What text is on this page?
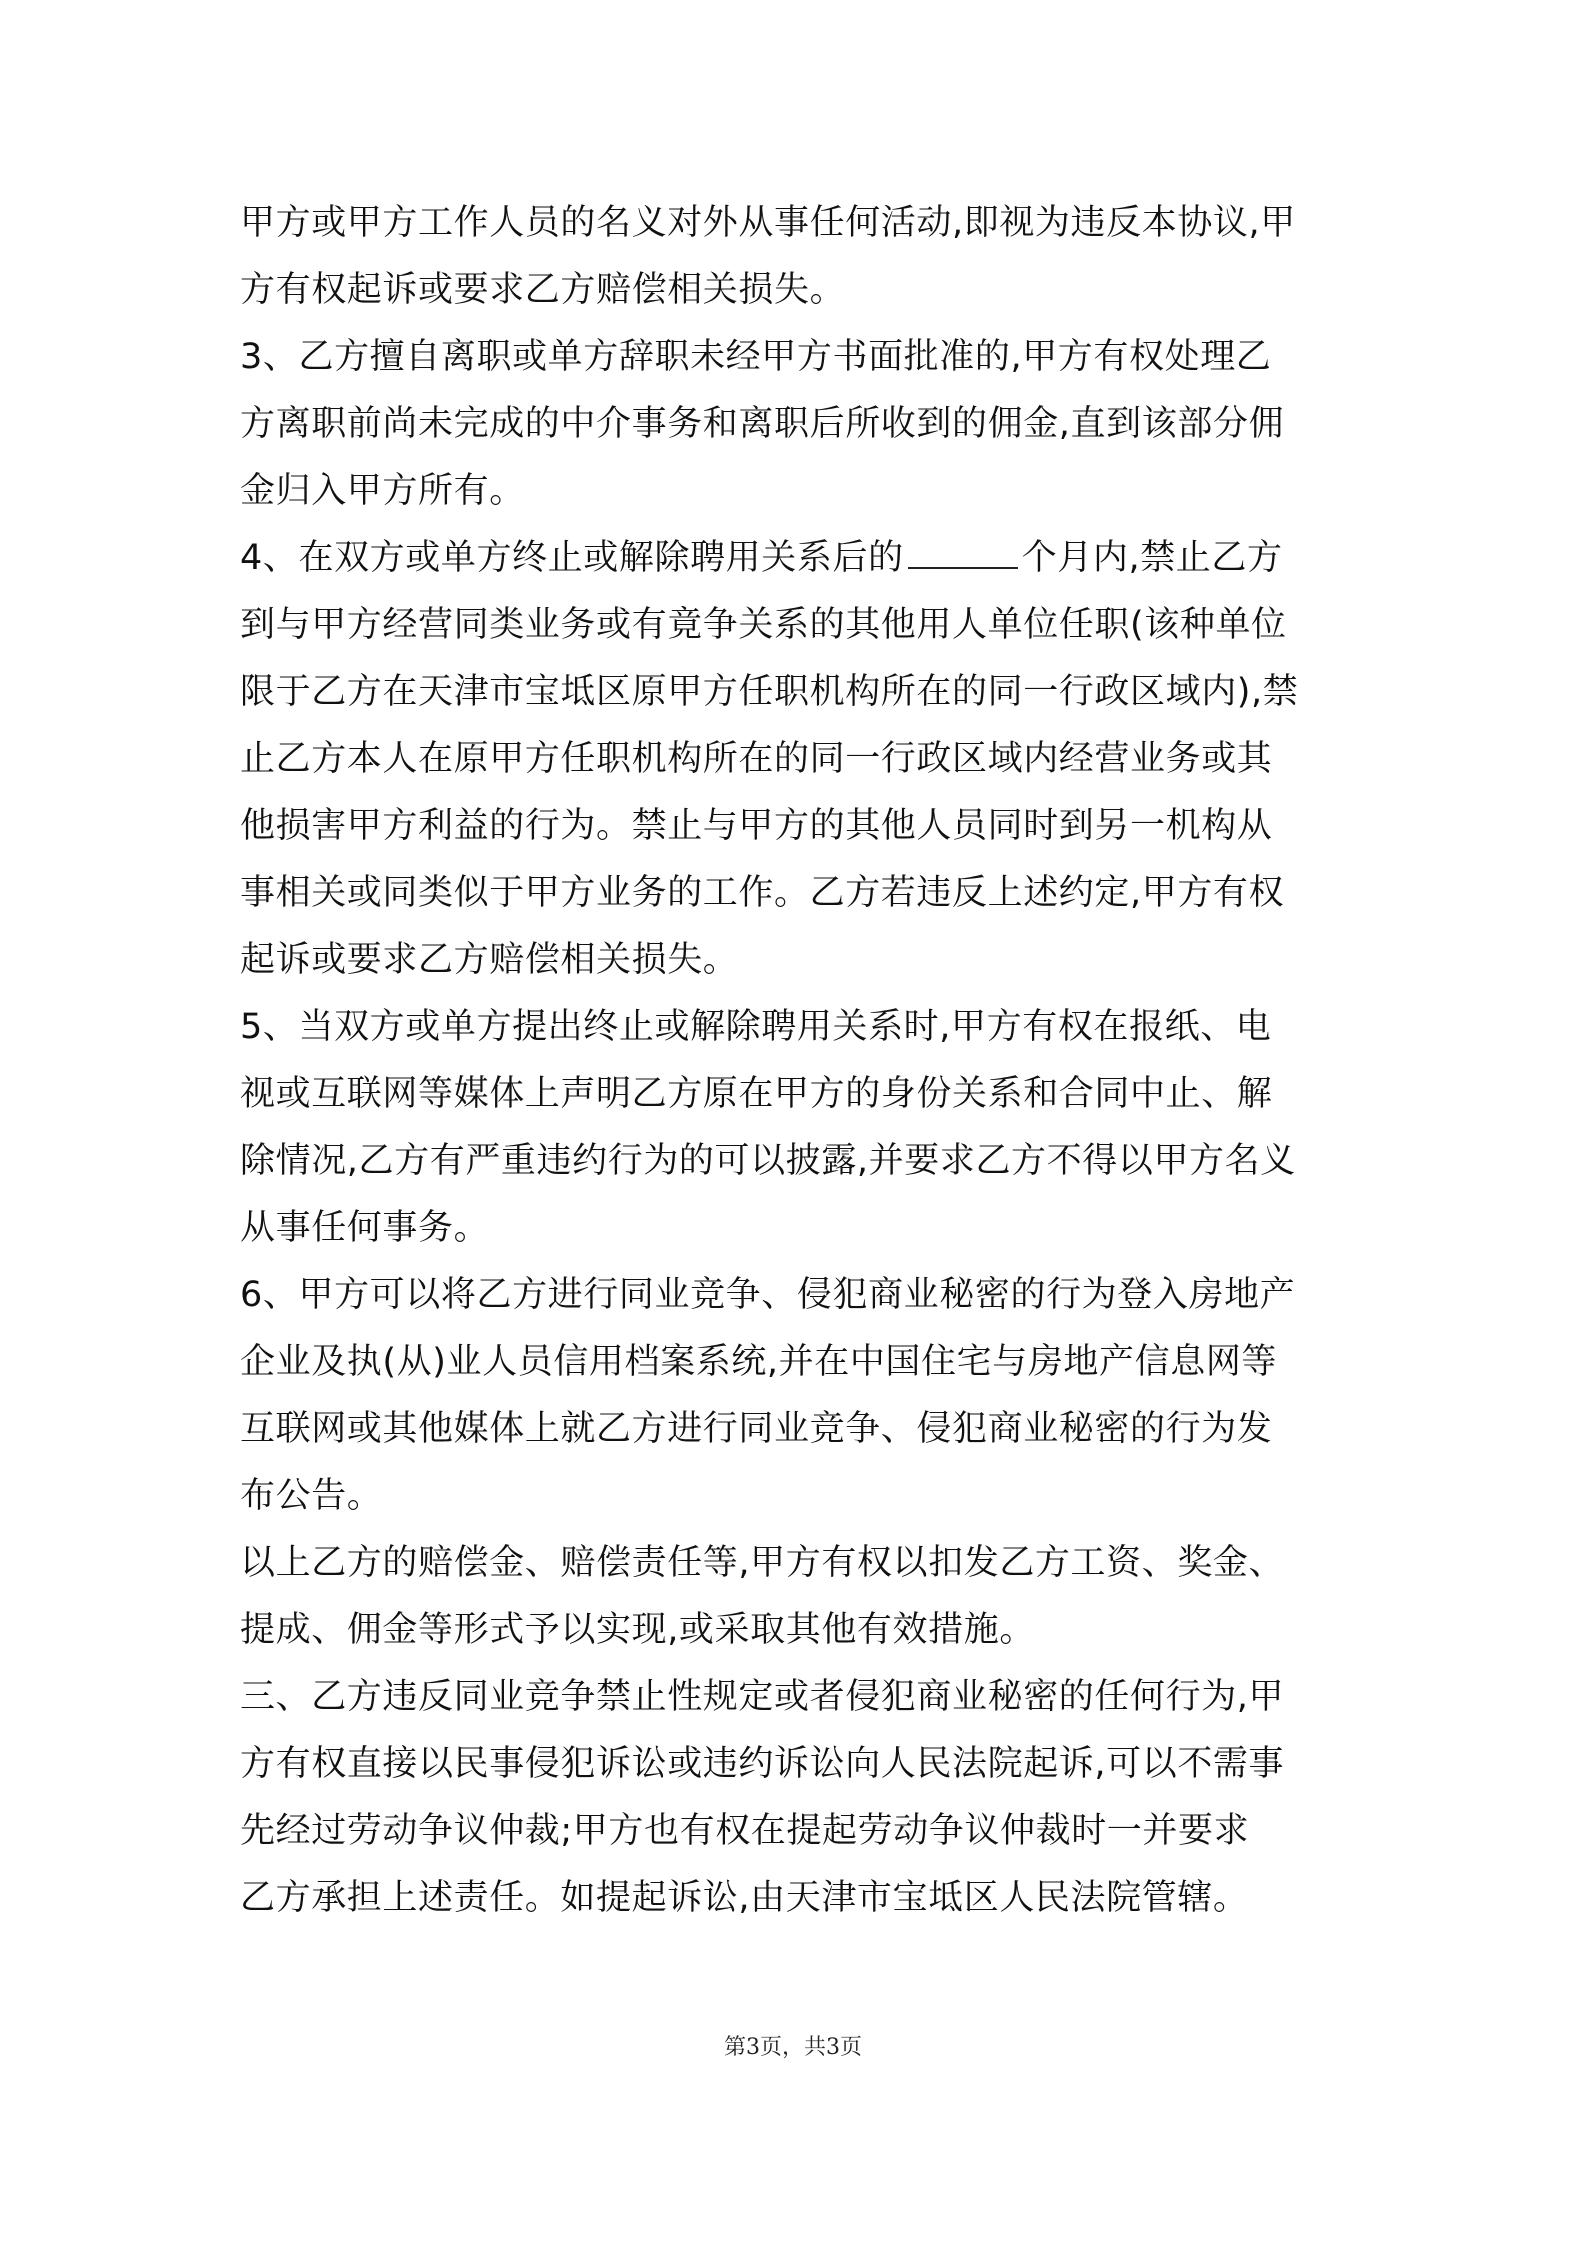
甲方或甲方工作人员的名义对外从事任何活动,即视为违反本协议,甲
方有权起诉或要求乙方赔偿相关损失。
3、乙方擅自离职或单方辞职未经甲方书面批准的,甲方有权处理乙
方离职前尚未完成的中介事务和离职后所收到的佣金,直到该部分佣
金归入甲方所有。
4、在双方或单方终止或解除聘用关系后的	个月内,禁止乙方
到与甲方经营同类业务或有竟争关系的其他用人单位任职(该种单位
限于乙方在天津市宝坻区原甲方任职机构所在的同一行政区域内),禁
止乙方本人在原甲方任职机构所在的同一行政区域内经营业务或其
他损害甲方利益的行为。禁止与甲方的其他人员同时到另一机构从
事相关或同类似于甲方业务的工作。乙方若违反上述约定,甲方有权
起诉或要求乙方赔偿相关损失。
5、当双方或单方提出终止或解除聘用关系时,甲方有权在报纸、电
视或互联网等媒体上声明乙方原在甲方的身份关系和合同中止、解
除情况,乙方有严重违约行为的可以披露,并要求乙方不得以甲方名义
从事任何事务。
6、甲方可以将乙方进行同业竞争、侵犯商业秘密的行为登入房地产
企业及执(从)业人员信用档案系统,并在中国住宅与房地产信息网等
互联网或其他媒体上就乙方进行同业竞争、侵犯商业秘密的行为发
布公告。
以上乙方的赔偿金、赔偿责任等,甲方有权以扣发乙方工资、奖金、
提成、佣金等形式予以实现,或采取其他有效措施。
三、乙方违反同业竞争禁止性规定或者侵犯商业秘密的任何行为,甲
方有权直接以民事侵犯诉讼或违约诉讼向人民法院起诉,可以不需事
先经过劳动争议仲裁;甲方也有权在提起劳动争议仲裁时一并要求
乙方承担上述责任。如提起诉讼,由天津市宝坻区人民法院管辖。
第3页，共3页
